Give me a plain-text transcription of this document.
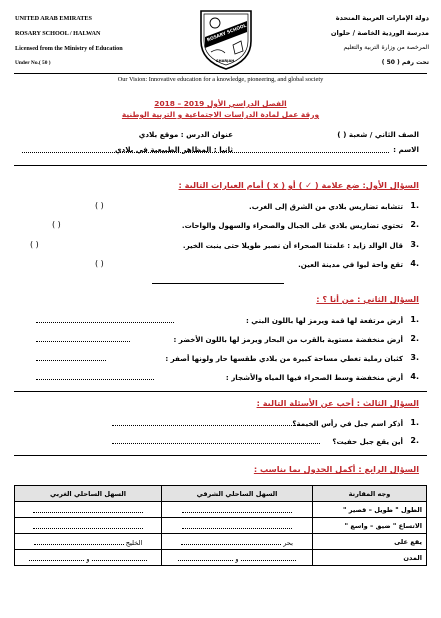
UNITED ARAB EMIRATES
ROSARY SCHOOL / HALWAN
Licensed from the Ministry of Education
Under No.( 50 )
دولة الإمارات العربية المتحدة
مدرسة الوردية الخاصة / حلوان
المرخصة من وزارة التربية والتعليم
تحت رقم ( 50 )
ROSARY SCHOOL
SHARJAH
Our Vision: Innovative education for a knowledge, pioneering, and global society
الفصل الدراسي الأول 2019 – 2018
ورقة عمل لمادة الدراسات الاجتماعية و التربية الوطنية
الصف الثاني / شعبة ( )
الاسم :
عنوان الدرس : موقع بلادي
ثانيا : المظاهر الطبيعية في بلادي
السؤال الأول: ضع علامة ( ✓ ) أو ( x ) أمام العبارات التالية :
1.
تتشابه تضاريس بلادي من الشرق إلى الغرب.
( )
2.
تحتوي تضاريس بلادي على الجبال والصحراء والسهول والواحات.
( )
3.
قال الوالد زايد : علمتنا الصحراء أن نصبر طويلا حتى ينبت الخير.
( )
4.
تقع واحة ليوا في مدينة العين.
( )
السؤال الثاني : من أنا ؟ :
1.
أرض مرتفعة لها قمة ويرمز لها باللون البني :
2.
أرض منخفضة مستوية بالقرب من البحار ويرمز لها باللون الأخضر :
3.
كثبان رملية تغطي مساحة كبيرة من بلادي طقسها حار ولونها أصفر :
4.
أرض منخفضة وسط الصحراء فيها المياه والأشجار :
السؤال الثالث : أجب عن الأسئلة التالية :
1.
أذكر اسم جبل في رأس الخيمة؟
2.
أين يقع جبل حفيت؟
السؤال الرابع : أكمل الجدول بما يناسب :
السهل الساحلي الغربي	السهل الساحلي الشرقي	وجه المقارنة
		الطول " طويل – قصير "
		الاتساع " ضيق – واسع "
الخليج	بحر	يقع على
و	و	المدن
